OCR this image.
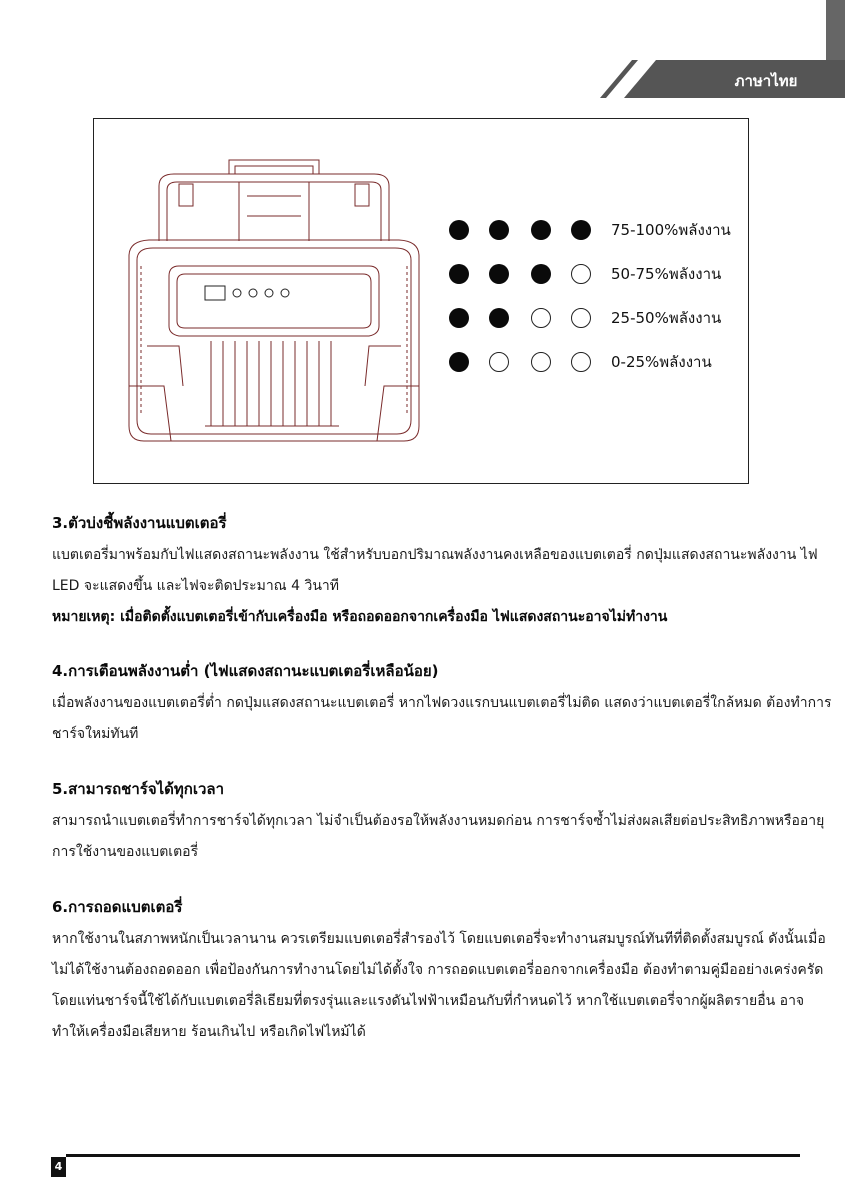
ภาษาไทย
75-100%พลังงาน
50-75%พลังงาน
25-50%พลังงาน
0-25%พลังงาน
3.ตัวบ่งชี้พลังงานแบตเตอรี่

แบตเตอรี่มาพร้อมกับไฟแสดงสถานะพลังงาน ใช้สำหรับบอกปริมาณพลังงานคงเหลือของแบตเตอรี่ กดปุ่มแสดงสถานะพลังงาน ไฟ LED จะแสดงขึ้น และไฟจะติดประมาณ 4 วินาที

หมายเหตุ: เมื่อติดตั้งแบตเตอรี่เข้ากับเครื่องมือ หรือถอดออกจากเครื่องมือ ไฟแสดงสถานะอาจไม่ทำงาน

4.การเตือนพลังงานต่ำ (ไฟแสดงสถานะแบตเตอรี่เหลือน้อย)

เมื่อพลังงานของแบตเตอรี่ต่ำ กดปุ่มแสดงสถานะแบตเตอรี่ หากไฟดวงแรกบนแบตเตอรี่ไม่ติด แสดงว่าแบตเตอรี่ใกล้หมด ต้องทำการชาร์จใหม่ทันที

5.สามารถชาร์จได้ทุกเวลา

สามารถนำแบตเตอรี่ทำการชาร์จได้ทุกเวลา ไม่จำเป็นต้องรอให้พลังงานหมดก่อน การชาร์จซ้ำไม่ส่งผลเสียต่อประสิทธิภาพหรืออายุการใช้งานของแบตเตอรี่

6.การถอดแบตเตอรี่

หากใช้งานในสภาพหนักเป็นเวลานาน ควรเตรียมแบตเตอรี่สำรองไว้ โดยแบตเตอรี่จะทำงานสมบูรณ์ทันทีที่ติดตั้งสมบูรณ์ ดังนั้นเมื่อไม่ได้ใช้งานต้องถอดออก เพื่อป้องกันการทำงานโดยไม่ได้ตั้งใจ การถอดแบตเตอรี่ออกจากเครื่องมือ ต้องทำตามคู่มืออย่างเคร่งครัด โดยแท่นชาร์จนี้ใช้ได้กับแบตเตอรี่ลิเธียมที่ตรงรุ่นและแรงดันไฟฟ้าเหมือนกับที่กำหนดไว้ หากใช้แบตเตอรี่จากผู้ผลิตรายอื่น อาจทำให้เครื่องมือเสียหาย ร้อนเกินไป หรือเกิดไฟไหม้ได้

4
